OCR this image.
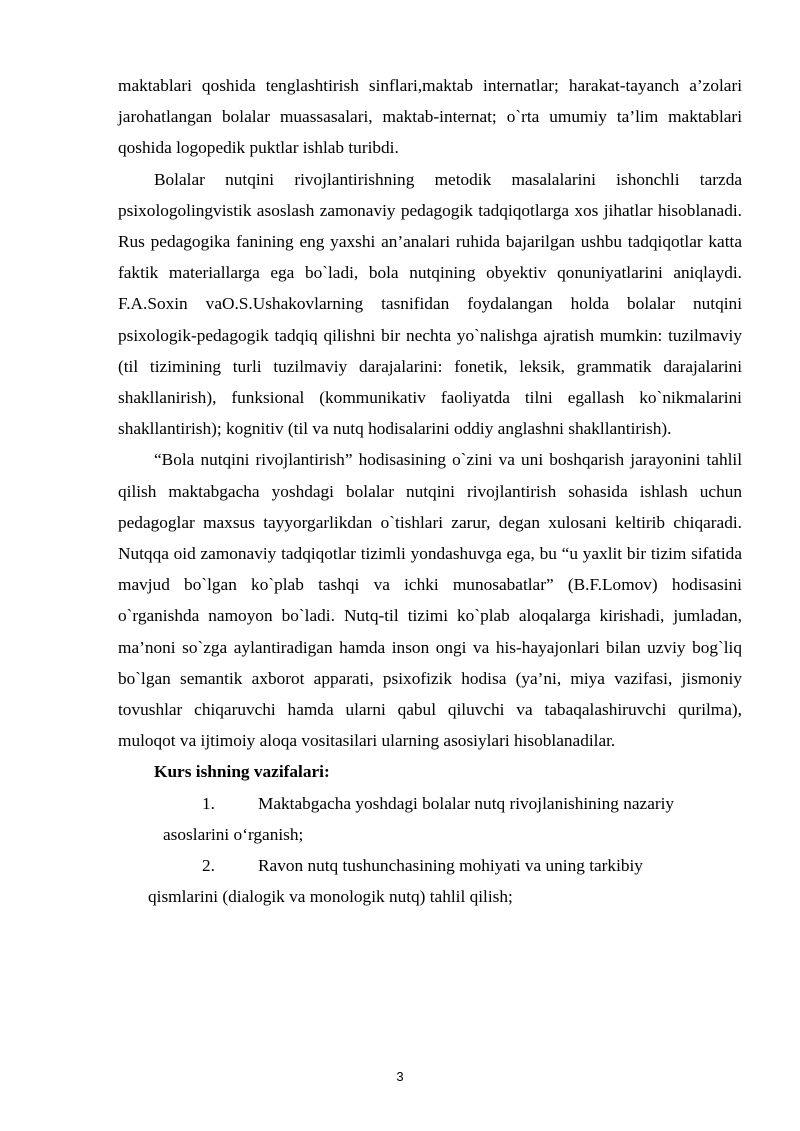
maktablari qoshida tenglashtirish sinflari,maktab internatlar; harakat-tayanch a’zolari jarohatlangan bolalar muassasalari, maktab-internat; o`rta umumiy ta’lim maktablari qoshida logopedik puktlar ishlab turibdi.

Bolalar nutqini rivojlantirishning metodik masalalarini ishonchli tarzda psixologolingvistik asoslash zamonaviy pedagogik tadqiqotlarga xos jihatlar hisoblanadi. Rus pedagogika fanining eng yaxshi an’analari ruhida bajarilgan ushbu tadqiqotlar katta faktik materiallarga ega bo`ladi, bola nutqining obyektiv qonuniyatlarini aniqlaydi. F.A.Soxin vaO.S.Ushakovlarning tasnifidan foydalangan holda bolalar nutqini psixologik-pedagogik tadqiq qilishni bir nechta yo`nalishga ajratish mumkin: tuzilmaviy (til tizimining turli tuzilmaviy darajalarini: fonetik, leksik, grammatik darajalarini shakllanirish), funksional (kommunikativ faoliyatda tilni egallash ko`nikmalarini shakllantirish); kognitiv (til va nutq hodisalarini oddiy anglashni shakllantirish).

“Bola nutqini rivojlantirish” hodisasining o`zini va uni boshqarish jarayonini tahlil qilish maktabgacha yoshdagi bolalar nutqini rivojlantirish sohasida ishlash uchun pedagoglar maxsus tayyorgarlikdan o`tishlari zarur, degan xulosani keltirib chiqaradi. Nutqqa oid zamonaviy tadqiqotlar tizimli yondashuvga ega, bu “u yaxlit bir tizim sifatida mavjud bo`lgan ko`plab tashqi va ichki munosabatlar” (B.F.Lomov) hodisasini o`rganishda namoyon bo`ladi. Nutq-til tizimi ko`plab aloqalarga kirishadi, jumladan, ma’noni so`zga aylantiradigan hamda inson ongi va his-hayajonlari bilan uzviy bog`liq bo`lgan semantik axborot apparati, psixofizik hodisa (ya’ni, miya vazifasi, jismoniy tovushlar chiqaruvchi hamda ularni qabul qiluvchi va tabaqalashiruvchi qurilma), muloqot va ijtimoiy aloqa vositasilari ularning asosiylari hisoblanadilar.

Kurs ishning vazifalari:

1. Maktabgacha yoshdagi bolalar nutq rivojlanishining nazariy
asoslarini o‘rganish;
2. Ravon nutq tushunchasining mohiyati va uning tarkibiy
qismlarini (dialogik va monologik nutq) tahlil qilish;
3
